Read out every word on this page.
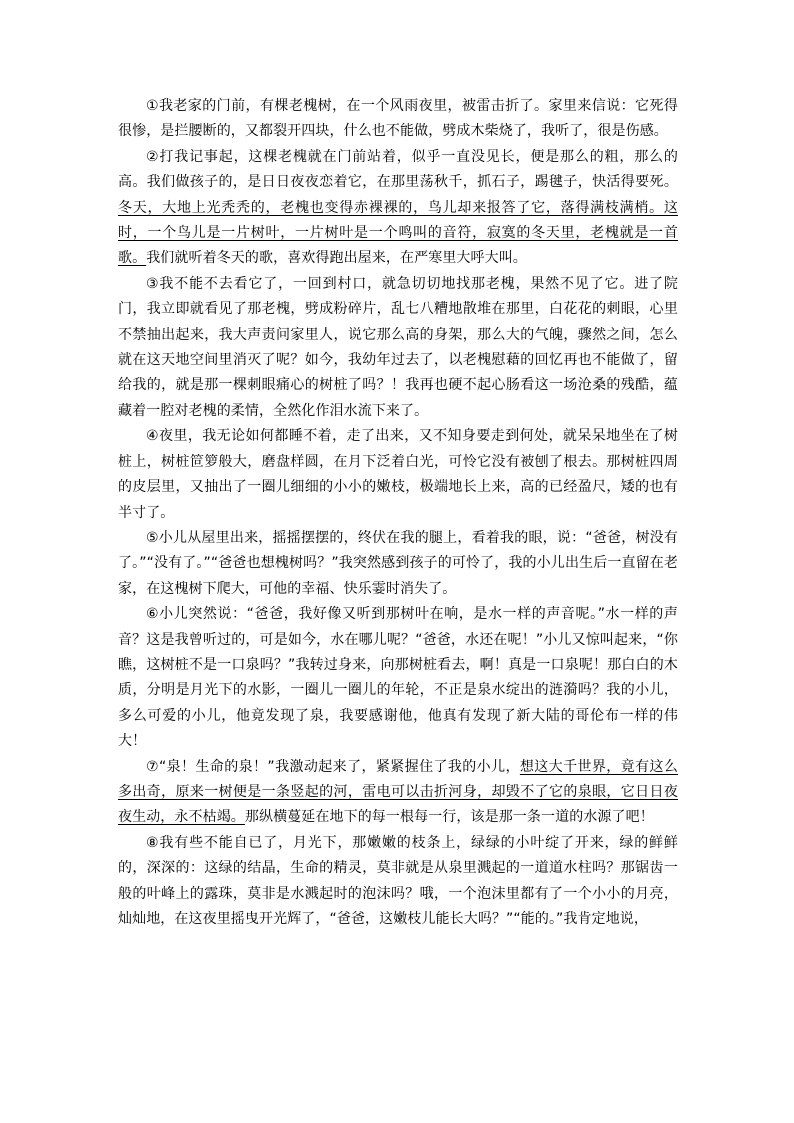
①我老家的门前，有棵老槐树，在一个风雨夜里，被雷击折了。家里来信说：它死得很惨，是拦腰断的，又都裂开四块，什么也不能做，劈成木柴烧了，我听了，很是伤感。

②打我记事起，这棵老槐就在门前站着，似乎一直没见长，便是那么的粗，那么的高。我们做孩子的，是日日夜夜恋着它，在那里荡秋千，抓石子，踢毽子，快活得要死。冬天，大地上光秃秃的，老槐也变得赤裸裸的，鸟儿却来报答了它，落得满枝满梢。这时，一个鸟儿是一片树叶，一片树叶是一个鸣叫的音符，寂寞的冬天里，老槐就是一首歌。我们就听着冬天的歌，喜欢得跑出屋来，在严寒里大呼大叫。

③我不能不去看它了，一回到村口，就急切切地找那老槐，果然不见了它。进了院门，我立即就看见了那老槐，劈成粉碎片，乱七八糟地散堆在那里，白花花的刺眼，心里不禁抽出起来，我大声责问家里人，说它那么高的身架，那么大的气魄，骤然之间，怎么就在这天地空间里消灭了呢？如今，我幼年过去了，以老槐慰藉的回忆再也不能做了，留给我的，就是那一棵刺眼痛心的树桩了吗？！我再也硬不起心肠看这一场沧桑的残酷，蕴藏着一腔对老槐的柔情，全然化作泪水流下来了。

④夜里，我无论如何都睡不着，走了出来，又不知身要走到何处，就呆呆地坐在了树桩上，树桩笸箩般大，磨盘样圆，在月下泛着白光，可怜它没有被刨了根去。那树桩四周的皮层里，又抽出了一圈儿细细的小小的嫩枝，极端地长上来，高的已经盈尺，矮的也有半寸了。

⑤小儿从屋里出来，摇摇摆摆的，终伏在我的腿上，看着我的眼，说：“爸爸，树没有了。”“没有了。”“爸爸也想槐树吗？”我突然感到孩子的可怜了，我的小儿出生后一直留在老家，在这槐树下爬大，可他的幸福、快乐霎时消失了。

⑥小儿突然说：“爸爸，我好像又听到那树叶在响，是水一样的声音呢。”水一样的声音？这是我曾听过的，可是如今，水在哪儿呢？“爸爸，水还在呢！”小儿又惊叫起来，“你瞧，这树桩不是一口泉吗？”我转过身来，向那树桩看去，啊！真是一口泉呢！那白白的木质，分明是月光下的水影，一圈儿一圈儿的年轮，不正是泉水绽出的涟漪吗？我的小儿，多么可爱的小儿，他竟发现了泉，我要感谢他，他真有发现了新大陆的哥伦布一样的伟大！

⑦“泉！生命的泉！”我激动起来了，紧紧握住了我的小儿，想这大千世界，竟有这么多出奇，原来一树便是一条竖起的河，雷电可以击折河身，却毁不了它的泉眼，它日日夜夜生动，永不枯竭。那纵横蔓延在地下的每一根每一行，该是那一条一道的水源了吧！

⑧我有些不能自已了，月光下，那嫩嫩的枝条上，绿绿的小叶绽了开来，绿的鲜鲜的，深深的：这绿的结晶，生命的精灵，莫非就是从泉里溅起的一道道水柱吗？那锯齿一般的叶峰上的露珠，莫非是水溅起时的泡沫吗？哦，一个泡沫里都有了一个小小的月亮，灿灿地，在这夜里摇曳开光辉了，“爸爸，这嫩枝儿能长大吗？”“能的。”我肯定地说，
